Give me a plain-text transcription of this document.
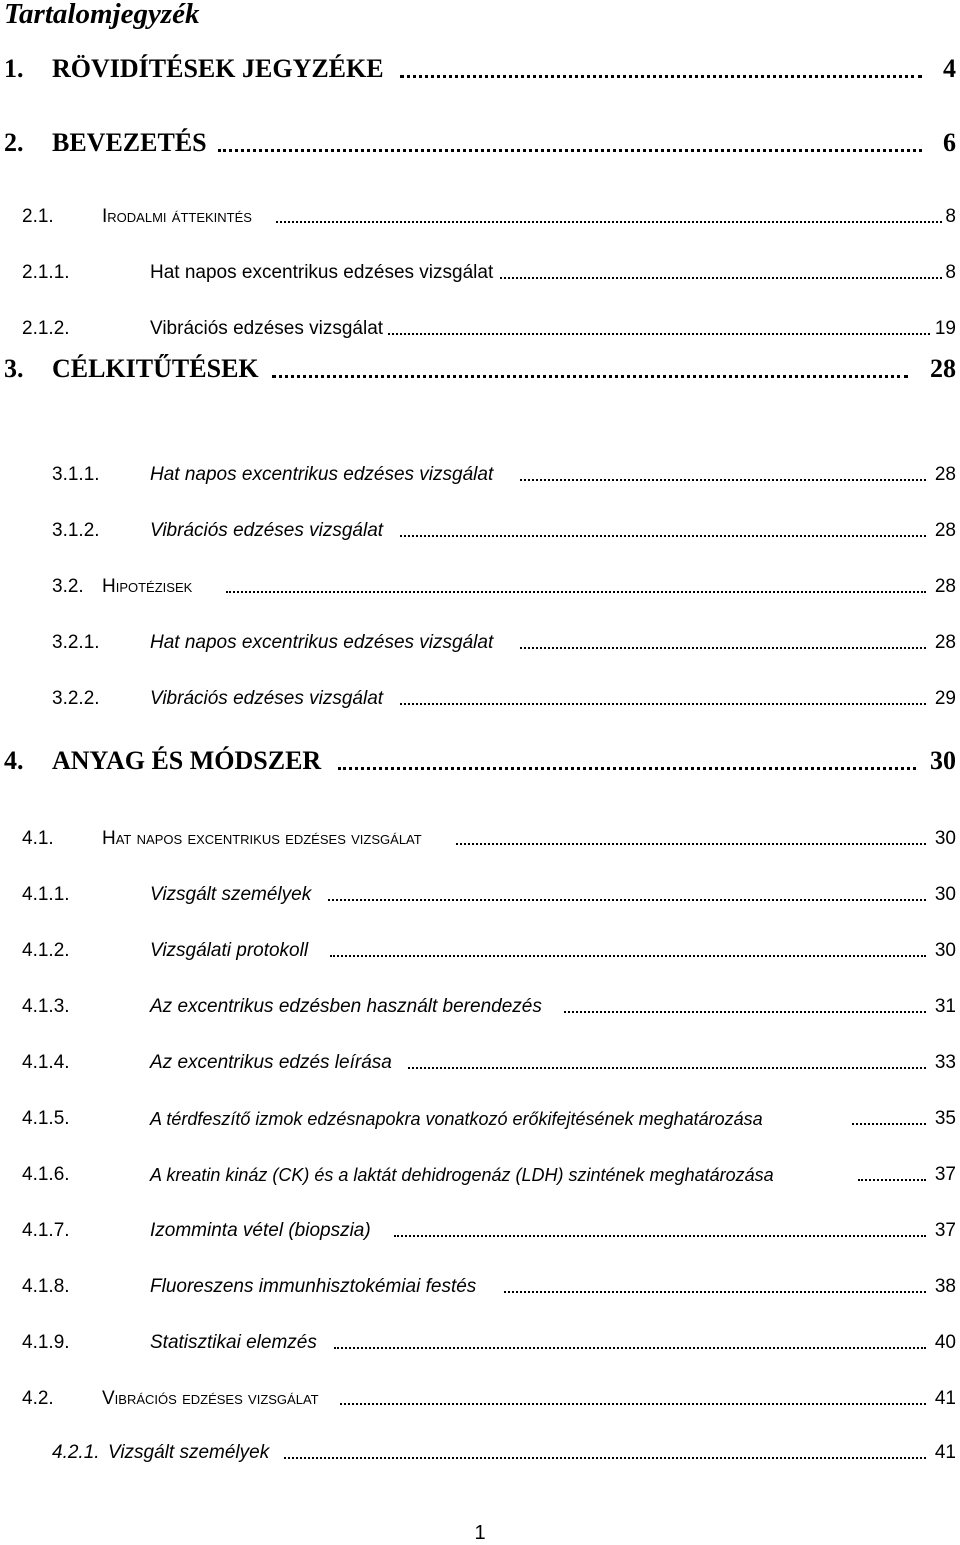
Tartalomjegyzék
1. RÖVIDÍTÉSEK JEGYZÉKE	4
2. BEVEZETÉS	6
2.1.	Irodalmi áttekintés	8
2.1.1.	Hat napos excentrikus edzéses vizsgálat	8
2.1.2.	Vibrációs edzéses vizsgálat	19
3. CÉLKITŰTÉSEK	28
3.1.1.	Hat napos excentrikus edzéses vizsgálat	28
3.1.2.	Vibrációs edzéses vizsgálat	28
3.2. Hipotézisek	28
3.2.1.	Hat napos excentrikus edzéses vizsgálat	28
3.2.2.	Vibrációs edzéses vizsgálat	29
4. ANYAG ÉS MÓDSZER	30
4.1.	Hat napos excentrikus edzéses vizsgálat	30
4.1.1.	Vizsgált személyek	30
4.1.2.	Vizsgálati protokoll	30
4.1.3.	Az excentrikus edzésben használt berendezés	31
4.1.4.	Az excentrikus edzés leírása	33
4.1.5.	A térdfeszítő izmok edzésnapokra vonatkozó erőkifejtésének meghatározása	35
4.1.6.	A kreatin kináz (CK) és a laktát dehidrogenáz (LDH) szintének meghatározása	37
4.1.7.	Izomminta vétel (biopszia)	37
4.1.8.	Fluoreszens immunhisztokémiai festés	38
4.1.9.	Statisztikai elemzés	40
4.2.	Vibrációs edzéses vizsgálat	41
4.2.1. Vizsgált személyek	41
1
